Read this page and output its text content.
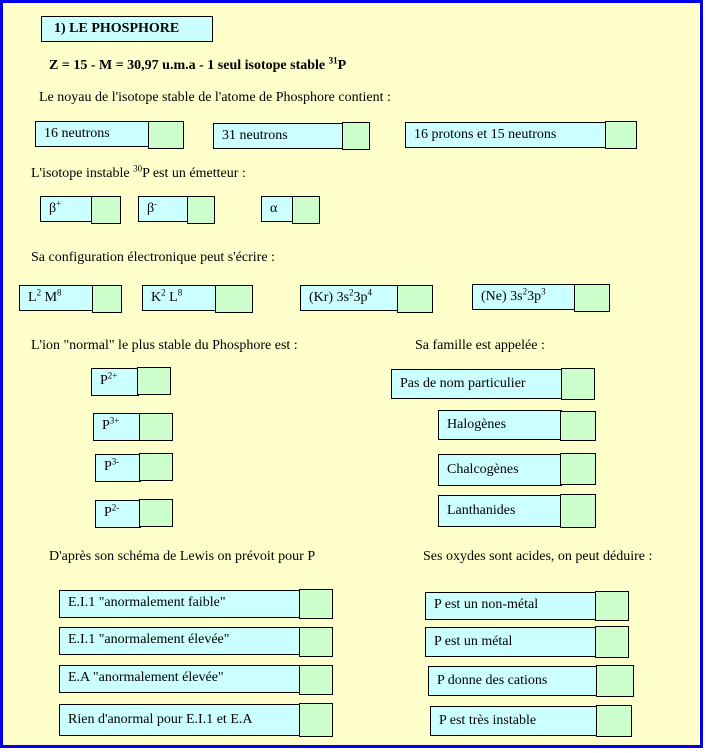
1) LE PHOSPHORE
Z = 15 - M = 30,97 u.m.a - 1 seul isotope stable $^{31}$P
Le noyau de l'isotope stable de l'atome de Phosphore contient :
16 neutrons	31 neutrons	16 protons et 15 neutrons
L'isotope instable $^{30}$P est un émetteur :
β+	β-	α
Sa configuration électronique peut s'écrire :
$L^2$ $M^8$	$K^2$ $L^8$	(Kr) $3s^23p^4$	(Ne) $3s^23p^3$
L'ion "normal" le plus stable du Phosphore est :
$P^{2+}$
$P^{3+}$
$P^{3-}$
$P^{2-}$
Sa famille est appelée :
Pas de nom particulier
Halogènes
Chalcogènes
Lanthanides
D'après son schéma de Lewis on prévoit pour P
E.I.1 "anormalement faible"
E.I.1 "anormalement élevée"
E.A "anormalement élevée"
Rien d'anormal pour E.I.1 et E.A
Ses oxydes sont acides, on peut déduire :
P est un non-métal
P est un métal
P donne des cations
P est très instable
